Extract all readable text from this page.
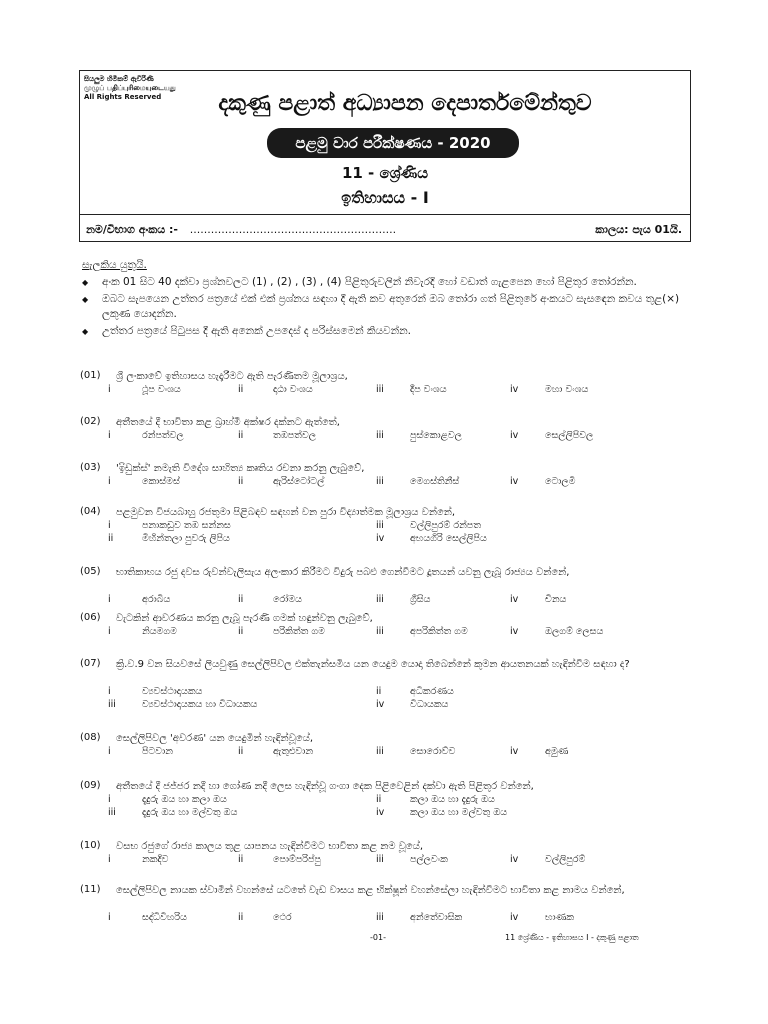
සියලුම හිමිකම් ඇවිරිණි
முழுப் பதிப்புரிமையுடையது
All Rights Reserved	දකුණු පළාත් අධ්‍යාපන දෙපාර්තමේන්තුව
පළමු වාර පරීක්ෂණය - 2020
11 - ශ්‍රේණිය
ඉතිහාසය - I
නම/විභාග අංකය :- ...........................................................	කාලය: පැය 01යි.
සැලකිය යුතුයි.
◆ අංක 01 සිට 40 දක්වා ප්‍රශ්නවලට (1) , (2) , (3) , (4) පිළිතුරුවලින් නිවැරදි හෝ වඩාත් ගැළපෙන හෝ පිළිතුර තෝරන්න.
◆ ඔබට සැපයෙන උත්තර පත්‍රයේ එක් එක් ප්‍රශ්නය සඳහා දී ඇති කව අතුරෙන් ඔබ තෝරා ගත් පිළිතුරේ අංකයට සැසඳෙන කවය තුළ(×) ලකුණ යොදන්න.
◆ උත්තර පත්‍රයේ පිටුපස දී ඇති අනෙක් උපදෙස් ද පරිස්සමෙන් කියවන්න.
(01) ශ්‍රී ලංකාවේ ඉතිහාසය හැදෑරීමට ඇති පැරණිතම මූලාශ්‍රය,
i	ථූප වංශය	ii	දාඨා වංශය	iii	දීප වංශය	iv	මහා වංශය
(02) අතීතයේ දී භාවිතා කළ බ්‍රාහ්මී අක්ෂර දක්නට ඇත්තේ,
i	රන්පත්වල	ii	තඹපත්වල	iii	පුස්කොළවල	iv	සෙල්ලිපිවල
(03) 'ඉිඩුක්ස්' නමැති විදේශ සාහිත්‍ය කෘතිය රචනා කරනු ලැබුවේ,
i	කොස්මස්	ii	ඇරිස්ටෝටල්	iii	මෙගස්තිනීස්	iv	ටොලමි
(04) පළමුවන විජයබාහු රජතුමා පිළිබඳව සඳහන් වන පුරා විද්‍යාත්මක මූලාශ්‍රය වන්නේ,
i	පනාකඩුව තඹ සන්නස	iii	වල්ලිපුරම් රන්පත
ii	මිහින්තලා පුවරු ලිපිය	iv	අභයගිරි සෙල්ලිපිය
(05) භාතිකාභය රජු දවස රුවන්වැලිසැය අලංකාර කිරීමට විදුරු පබළු ගෙන්වීමට දූතයන් යවනු ලැබූ රාජ්‍යය වන්නේ,
i	අරාබිය	ii	රෝමය	iii	ග්‍රීසිය	iv	චීනය
(06) වැටකින් ආවරණය කරනු ලැබූ පැරණි ගමක් හඳුන්වනු ලැබුවේ,
i	නියමගම	ii	පරිකිත්ත ගම	iii	අපරිකිත්ත ගම	iv	ඔලගම් ලෙසය
(07) ක්‍රි.ව.9 වන සියවසේ ලියවුණු සෙල්ලිපිවල එක්තැන්සමිය යන යෙදුම යොදා තිබෙන්නේ කුමන ආයතනයක් හැඳින්වීම සඳහා ද?
i	ව්‍යවස්ථාදායකය	ii	අධිකරණය
iii	ව්‍යවස්ථාදායකය හා විධායකය	iv	විධායකය
(08) සෙල්ලිපිවල 'අවරණ' යන යෙදුමින් හැඳින්වූයේ,
i	පිටවාන	ii	ඇතුළුවාන	iii	සොරොව්ව	iv	අමුණ
(09) අතීතයේ දී ජජ්ජර නදී හා ගෝණ නදී ලෙස හැඳින්වූ ගංගා දෙක පිළිවෙළින් දක්වා ඇති පිළිතුර වන්නේ,
i	දැදුරු ඔය හා කලා ඔය	ii	කලා ඔය හා දැදුරු ඔය
iii	දැදුරු ඔය හා මල්වතු ඔය	iv	කලා ඔය හා මල්වතු ඔය
(10) වසභ රජුගේ රාජ්‍ය කාලය තුළ යාපනය හැඳින්වීමට භාවිතා කළ නම වූයේ,
i	නකදිව	ii	පොම්පරිප්පු	iii	පල්ලවංක	iv	වල්ලිපුරම්
(11) සෙල්ලිපිවල නායක ස්වාමීන් වහන්සේ යටතේ වැඩ වාසය කළ භික්ෂූන් වහන්සේලා හැඳින්වීමට භාවිතා කළ නාමය වන්නේ,
i	සද්ධිවිහරිය	ii	ථෙර	iii	අන්තේවාසික	iv	භාණක
-01-	11 ශ්‍රේණිය - ඉතිහාසය I - දකුණු පළාත
